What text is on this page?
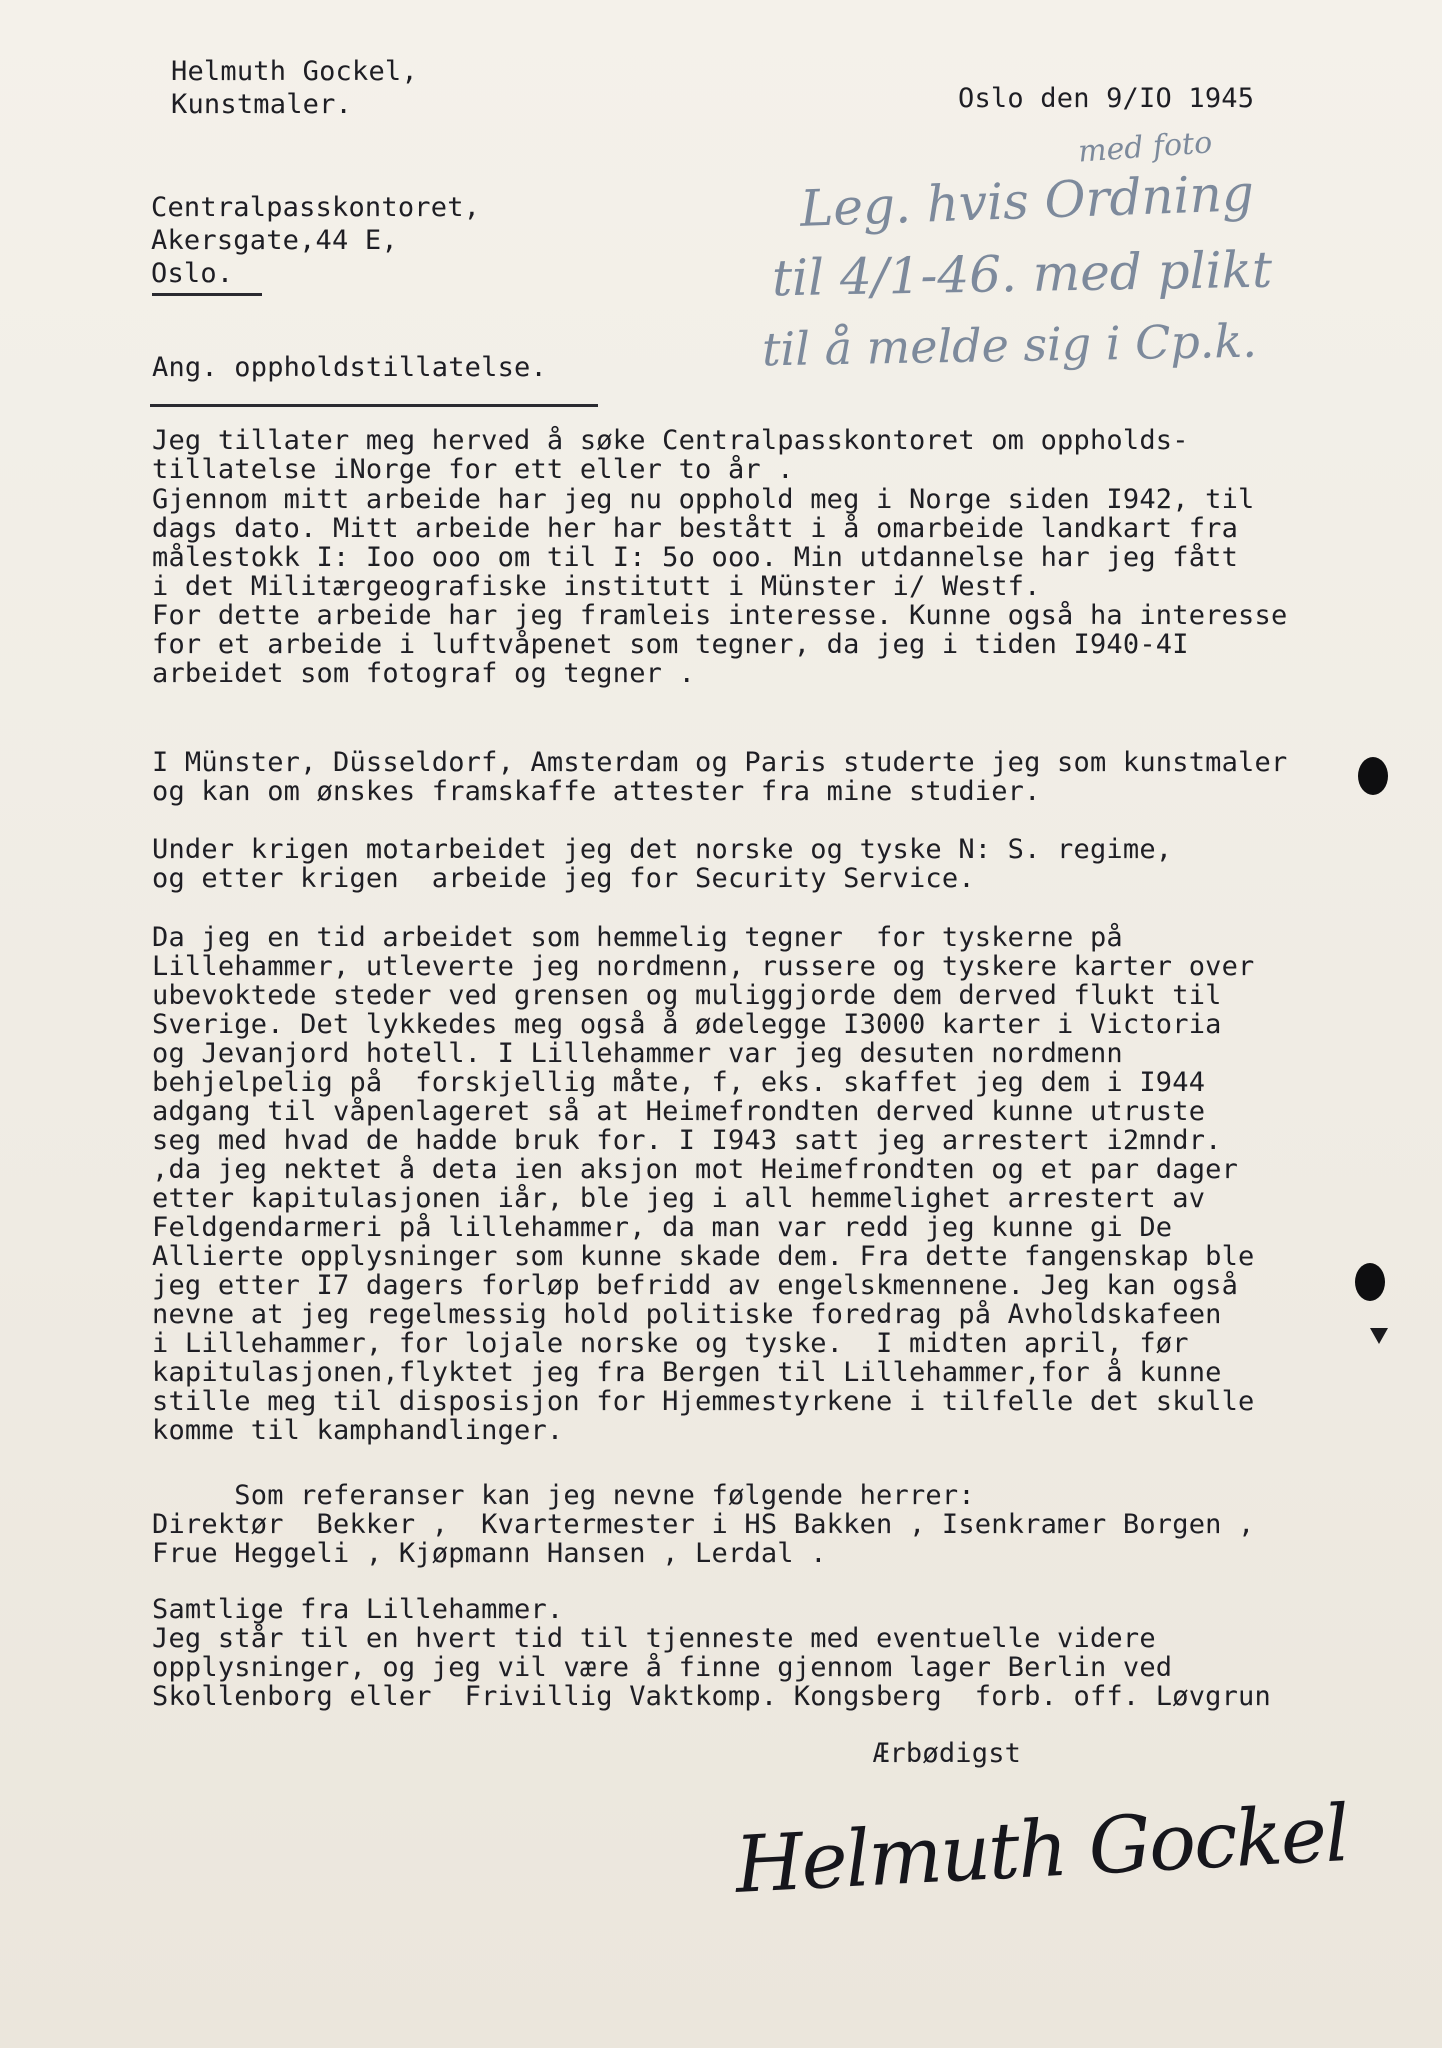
Helmuth Gockel,
Kunstmaler.	Oslo den 9/IO 1945
Centralpasskontoret,
Akersgate,44 E,
Oslo.
med foto
Leg. hvis Ordning
til 4/1-46. med plikt
til å melde sig i Cp.k.
Ang. oppholdstillatelse.
Jeg tillater meg herved å søke Centralpasskontoret om oppholds-
tillatelse iNorge for ett eller to år .
Gjennom mitt arbeide har jeg nu opphold meg i Norge siden I942, til
dags dato. Mitt arbeide her har bestått i å omarbeide landkart fra
målestokk I: Ioo ooo om til I: 5o ooo. Min utdannelse har jeg fått
i det Militærgeografiske institutt i Münster i/ Westf.
For dette arbeide har jeg framleis interesse. Kunne også ha interesse
for et arbeide i luftvåpenet som tegner, da jeg i tiden I940-4I
arbeidet som fotograf og tegner .
I Münster, Düsseldorf, Amsterdam og Paris studerte jeg som kunstmaler
og kan om ønskes framskaffe attester fra mine studier.
Under krigen motarbeidet jeg det norske og tyske N: S. regime,
og etter krigen  arbeide jeg for Security Service.
Da jeg en tid arbeidet som hemmelig tegner  for tyskerne på
Lillehammer, utleverte jeg nordmenn, russere og tyskere karter over
ubevoktede steder ved grensen og muliggjorde dem derved flukt til
Sverige. Det lykkedes meg også å ødelegge I3000 karter i Victoria
og Jevanjord hotell. I Lillehammer var jeg desuten nordmenn
behjelpelig på  forskjellig måte, f, eks. skaffet jeg dem i I944
adgang til våpenlageret så at Heimefrondten derved kunne utruste
seg med hvad de hadde bruk for. I I943 satt jeg arrestert i2mndr.
,da jeg nektet å deta ien aksjon mot Heimefrondten og et par dager
etter kapitulasjonen iår, ble jeg i all hemmelighet arrestert av
Feldgendarmeri på lillehammer, da man var redd jeg kunne gi De
Allierte opplysninger som kunne skade dem. Fra dette fangenskap ble
jeg etter I7 dagers forløp befridd av engelskmennene. Jeg kan også
nevne at jeg regelmessig hold politiske foredrag på Avholdskafeen
i Lillehammer, for lojale norske og tyske.  I midten april, før
kapitulasjonen,flyktet jeg fra Bergen til Lillehammer,for å kunne
stille meg til disposisjon for Hjemmestyrkene i tilfelle det skulle
komme til kamphandlinger.
Som referanser kan jeg nevne følgende herrer:
Direktør  Bekker ,  Kvartermester i HS Bakken , Isenkramer Borgen ,
Frue Heggeli , Kjøpmann Hansen , Lerdal .
Samtlige fra Lillehammer.
Jeg står til en hvert tid til tjenneste med eventuelle videre
opplysninger, og jeg vil være å finne gjennom lager Berlin ved
Skollenborg eller  Frivillig Vaktkomp. Kongsberg  forb. off. Løvgrun
Ærbødigst
Helmuth Gockel
